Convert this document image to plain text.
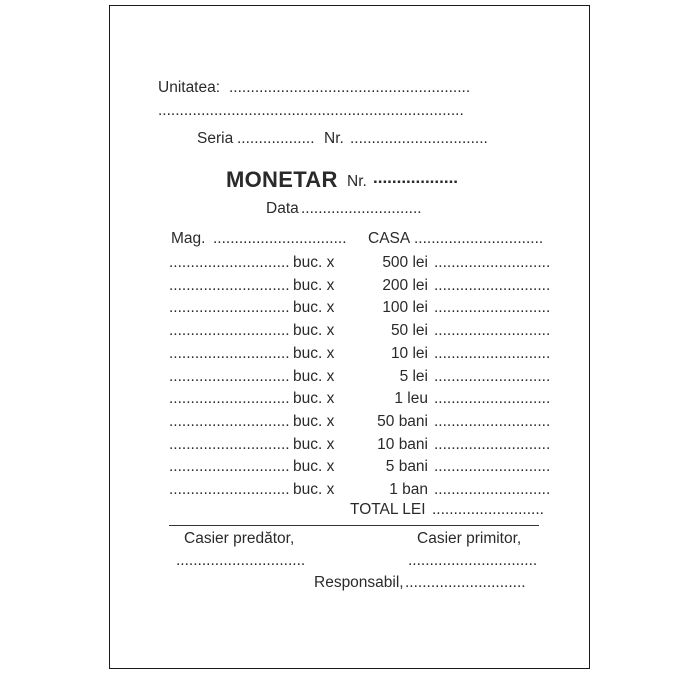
Unitatea: ........................................................
.......................................................................
Seria .................. Nr. ................................
MONETAR Nr. ..................
Data ............................
Mag. ............................... CASA ..............................
............................ buc. x	500 lei ...........................
............................ buc. x	200 lei ...........................
............................ buc. x	100 lei ...........................
............................ buc. x	50 lei ...........................
............................ buc. x	10 lei ...........................
............................ buc. x	5 lei ...........................
............................ buc. x	1 leu ...........................
............................ buc. x	50 bani ...........................
............................ buc. x	10 bani ...........................
............................ buc. x	5 bani ...........................
............................ buc. x	1 ban ...........................
TOTAL LEI ..........................
Casier predător,
..............................
Casier primitor,
..............................
Responsabil, ............................
